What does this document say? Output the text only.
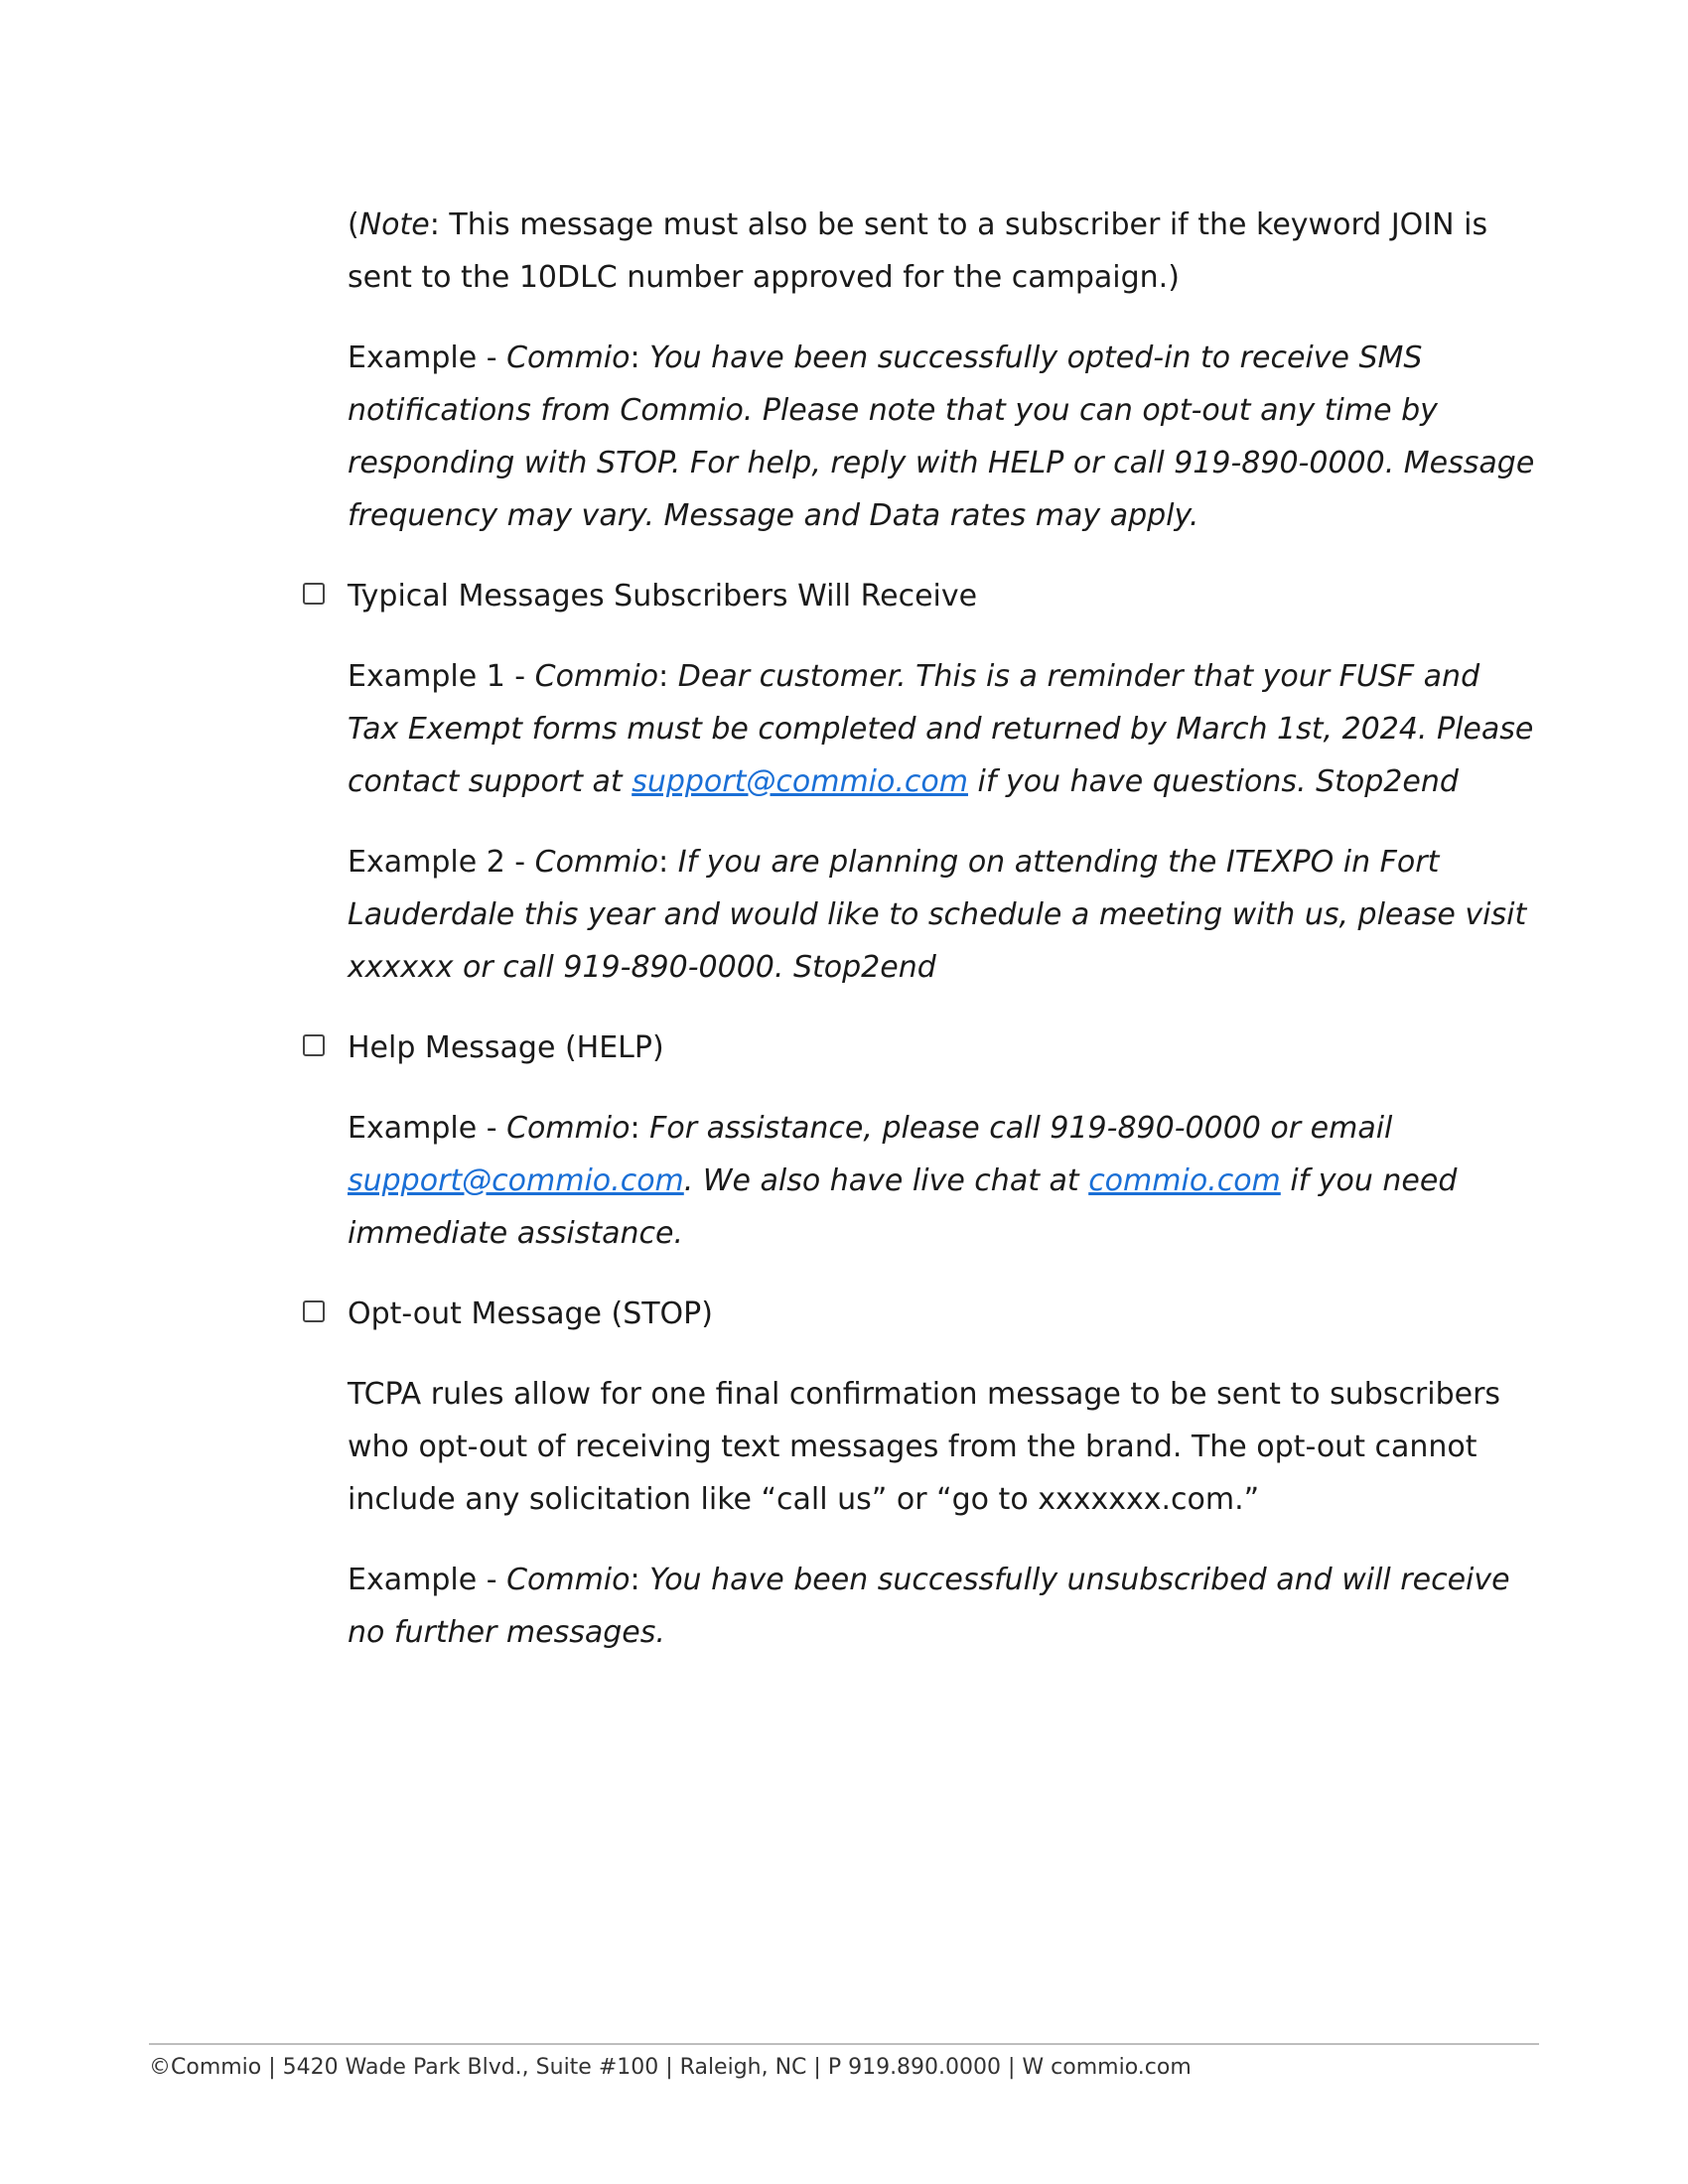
(Note: This message must also be sent to a subscriber if the keyword JOIN is sent to the 10DLC number approved for the campaign.)

Example - Commio: You have been successfully opted-in to receive SMS notifications from Commio. Please note that you can opt-out any time by responding with STOP. For help, reply with HELP or call 919-890-0000. Message frequency may vary. Message and Data rates may apply.

Typical Messages Subscribers Will Receive

Example 1 - Commio: Dear customer. This is a reminder that your FUSF and Tax Exempt forms must be completed and returned by March 1st, 2024. Please contact support at support@commio.com if you have questions. Stop2end

Example 2 - Commio: If you are planning on attending the ITEXPO in Fort Lauderdale this year and would like to schedule a meeting with us, please visit xxxxxx or call 919-890-0000. Stop2end

Help Message (HELP)

Example - Commio: For assistance, please call 919-890-0000 or email support@commio.com. We also have live chat at commio.com if you need immediate assistance.

Opt-out Message (STOP)

TCPA rules allow for one final confirmation message to be sent to subscribers who opt-out of receiving text messages from the brand. The opt-out cannot include any solicitation like “call us” or “go to xxxxxxx.com.”

Example - Commio: You have been successfully unsubscribed and will receive no further messages.

©Commio | 5420 Wade Park Blvd., Suite #100 | Raleigh, NC | P 919.890.0000 | W commio.com
